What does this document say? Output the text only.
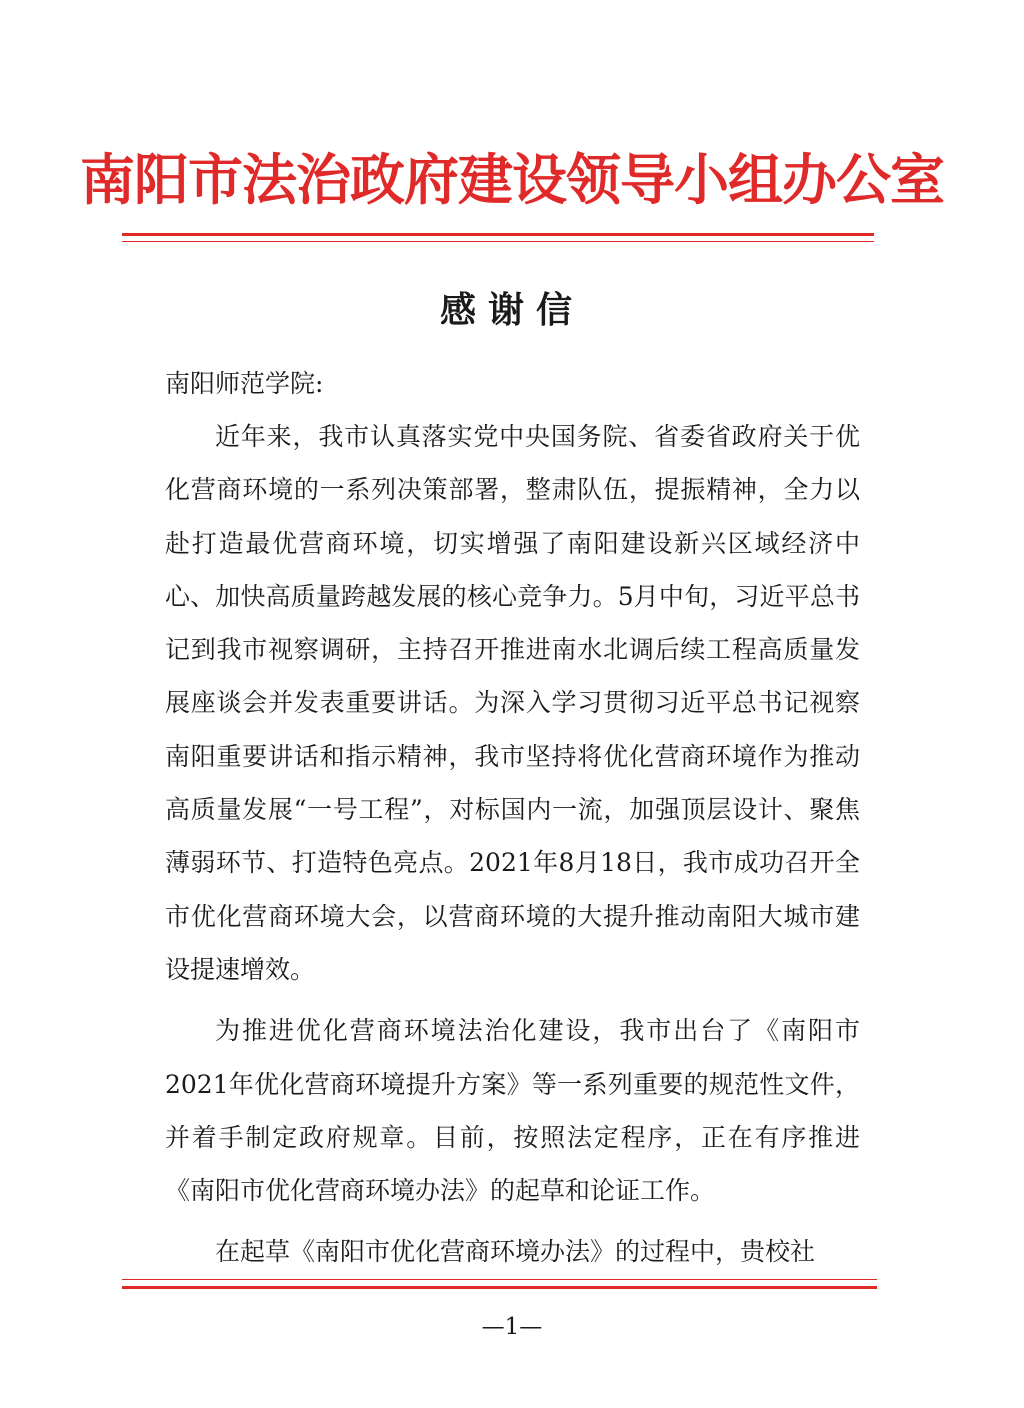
南阳市法治政府建设领导小组办公室
感谢信
南阳师范学院:

近年来，我市认真落实党中央国务院、省委省政府关于优化营商环境的一系列决策部署，整肃队伍，提振精神，全力以赴打造最优营商环境，切实增强了南阳建设新兴区域经济中心、加快高质量跨越发展的核心竞争力。5月中旬，习近平总书记到我市视察调研，主持召开推进南水北调后续工程高质量发展座谈会并发表重要讲话。为深入学习贯彻习近平总书记视察南阳重要讲话和指示精神，我市坚持将优化营商环境作为推动高质量发展“一号工程”，对标国内一流，加强顶层设计、聚焦薄弱环节、打造特色亮点。2021年8月18日，我市成功召开全市优化营商环境大会，以营商环境的大提升推动南阳大城市建设提速增效。

为推进优化营商环境法治化建设，我市出台了《南阳市2021年优化营商环境提升方案》等一系列重要的规范性文件，并着手制定政府规章。目前，按照法定程序，正在有序推进《南阳市优化营商环境办法》的起草和论证工作。

在起草《南阳市优化营商环境办法》的过程中，贵校社

—1—
